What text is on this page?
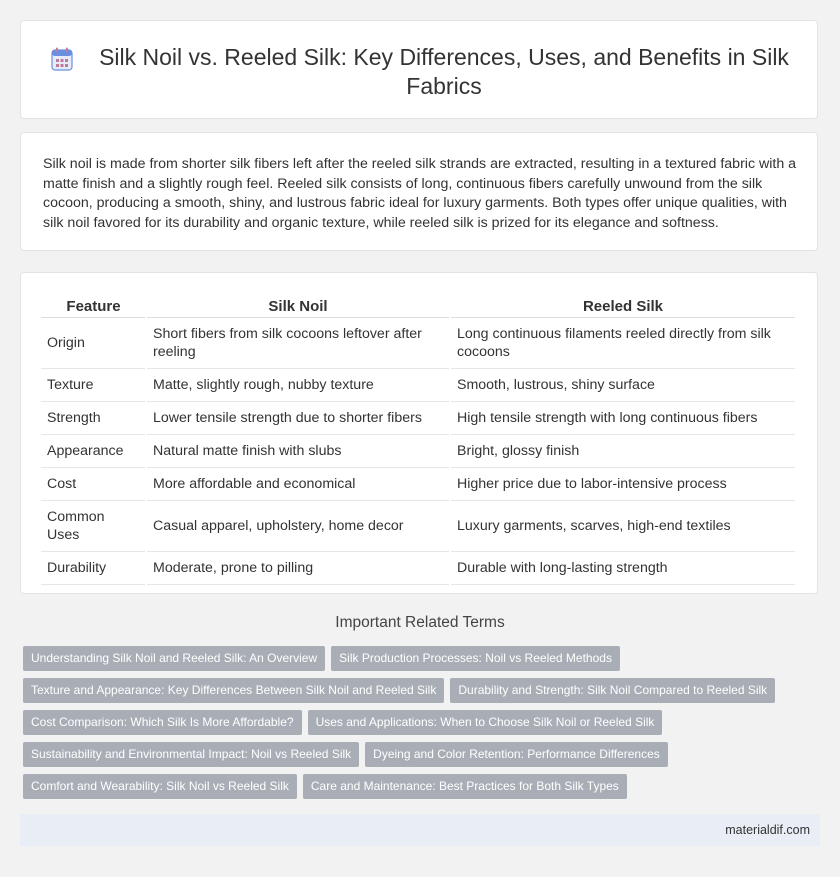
Silk Noil vs. Reeled Silk: Key Differences, Uses, and Benefits in Silk Fabrics

Silk noil is made from shorter silk fibers left after the reeled silk strands are extracted, resulting in a textured fabric with a matte finish and a slightly rough feel. Reeled silk consists of long, continuous fibers carefully unwound from the silk cocoon, producing a smooth, shiny, and lustrous fabric ideal for luxury garments. Both types offer unique qualities, with silk noil favored for its durability and organic texture, while reeled silk is prized for its elegance and softness.

Feature	Silk Noil	Reeled Silk
Origin	Short fibers from silk cocoons leftover after reeling	Long continuous filaments reeled directly from silk cocoons
Texture	Matte, slightly rough, nubby texture	Smooth, lustrous, shiny surface
Strength	Lower tensile strength due to shorter fibers	High tensile strength with long continuous fibers
Appearance	Natural matte finish with slubs	Bright, glossy finish
Cost	More affordable and economical	Higher price due to labor-intensive process
Common Uses	Casual apparel, upholstery, home decor	Luxury garments, scarves, high-end textiles
Durability	Moderate, prone to pilling	Durable with long-lasting strength
Important Related Terms
Understanding Silk Noil and Reeled Silk: An Overview Silk Production Processes: Noil vs Reeled Methods
Texture and Appearance: Key Differences Between Silk Noil and Reeled Silk Durability and Strength: Silk Noil Compared to Reeled Silk
Cost Comparison: Which Silk Is More Affordable? Uses and Applications: When to Choose Silk Noil or Reeled Silk
Sustainability and Environmental Impact: Noil vs Reeled Silk Dyeing and Color Retention: Performance Differences
Comfort and Wearability: Silk Noil vs Reeled Silk Care and Maintenance: Best Practices for Both Silk Types
materialdif.com
